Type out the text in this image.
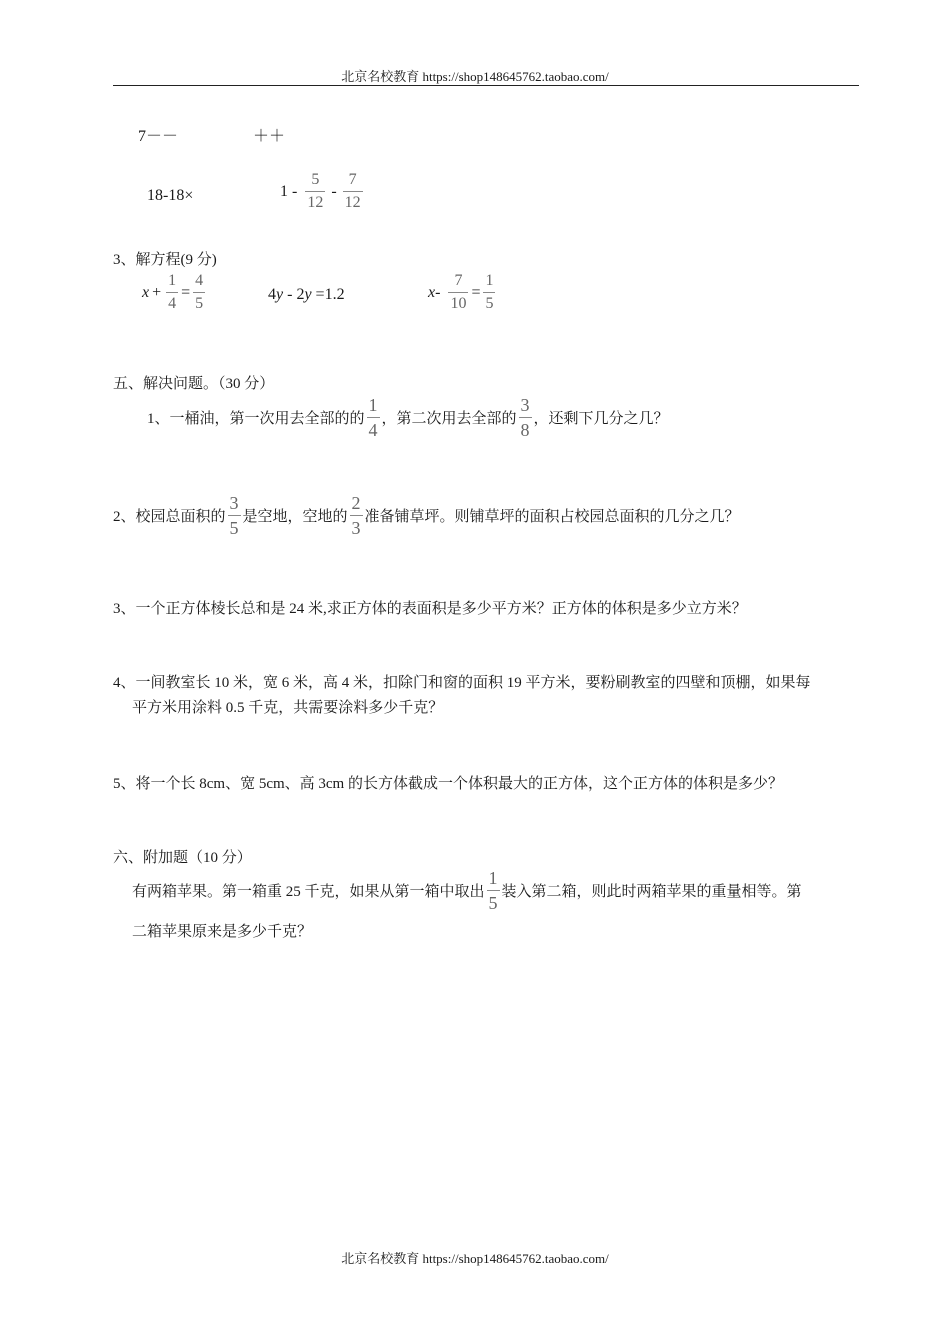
北京名校教育 https://shop148645762.taobao.com/
7－－	＋＋
18-18×	$1 - \frac{5}{12} - \frac{7}{12}$
3、解方程(9 分)
$x + \frac{1}{4} = \frac{4}{5}$	4y - 2y =1.2	$x - \frac{7}{10} = \frac{1}{5}$
五、解决问题。（30 分）
1、一桶油，第一次用去全部的的 $\frac{1}{4}$ ，第二次用去全部的 $\frac{3}{8}$ ，还剩下几分之几？
2、校园总面积的 $\frac{3}{5}$ 是空地，空地的 $\frac{2}{3}$ 准备铺草坪。则铺草坪的面积占校园总面积的几分之几？
3、一个正方体棱长总和是 24 米,求正方体的表面积是多少平方米？正方体的体积是多少立方米？
4、一间教室长 10 米，宽 6 米，高 4 米，扣除门和窗的面积 19 平方米，要粉刷教室的四壁和顶棚，如果每
平方米用涂料 0.5 千克，共需要涂料多少千克？
5、将一个长 8cm、宽 5cm、高 3cm 的长方体截成一个体积最大的正方体，这个正方体的体积是多少？
六、附加题（10 分）
有两箱苹果。第一箱重 25 千克，如果从第一箱中取出 $\frac{1}{5}$ 装入第二箱，则此时两箱苹果的重量相等。第
二箱苹果原来是多少千克？
北京名校教育 https://shop148645762.taobao.com/
